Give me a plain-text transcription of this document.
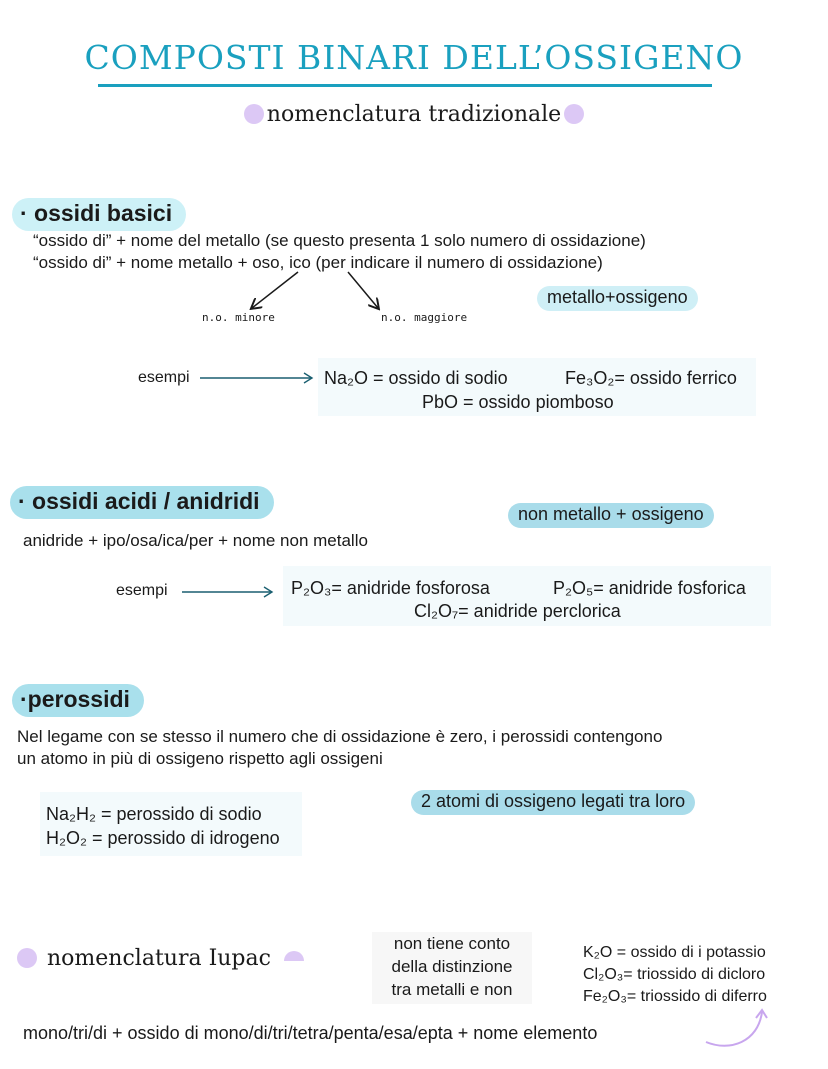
COMPOSTI BINARI DELL’OSSIGENO
nomenclatura tradizionale
· ossidi basici
“ossido di” + nome del metallo (se questo presenta 1 solo numero di ossidazione)
“ossido di” + nome metallo + oso, ico (per indicare il numero di ossidazione)
n.o. minore	n.o. maggiore
metallo+ossigeno
esempi	Na₂O = ossido di sodio	Fe₃O₂= ossido ferrico
PbO = ossido piomboso
· ossidi acidi / anidridi	non metallo + ossigeno
anidride + ipo/osa/ica/per + nome non metallo
esempi	P₂O₃= anidride fosforosa	P₂O₅= anidride fosforica
Cl₂O₇= anidride perclorica
·perossidi
Nel legame con se stesso il numero che di ossidazione è zero, i perossidi contengono
un atomo in più di ossigeno rispetto agli ossigeni
Na₂H₂ = perossido di sodio
H₂O₂ = perossido di idrogeno
2 atomi di ossigeno legati tra loro
nomenclatura Iupac
non tiene conto
della distinzione
tra metalli e non
K₂O = ossido di i potassio
Cl₂O₃= triossido di dicloro
Fe₂O₃= triossido di diferro
mono/tri/di + ossido di mono/di/tri/tetra/penta/esa/epta + nome elemento
